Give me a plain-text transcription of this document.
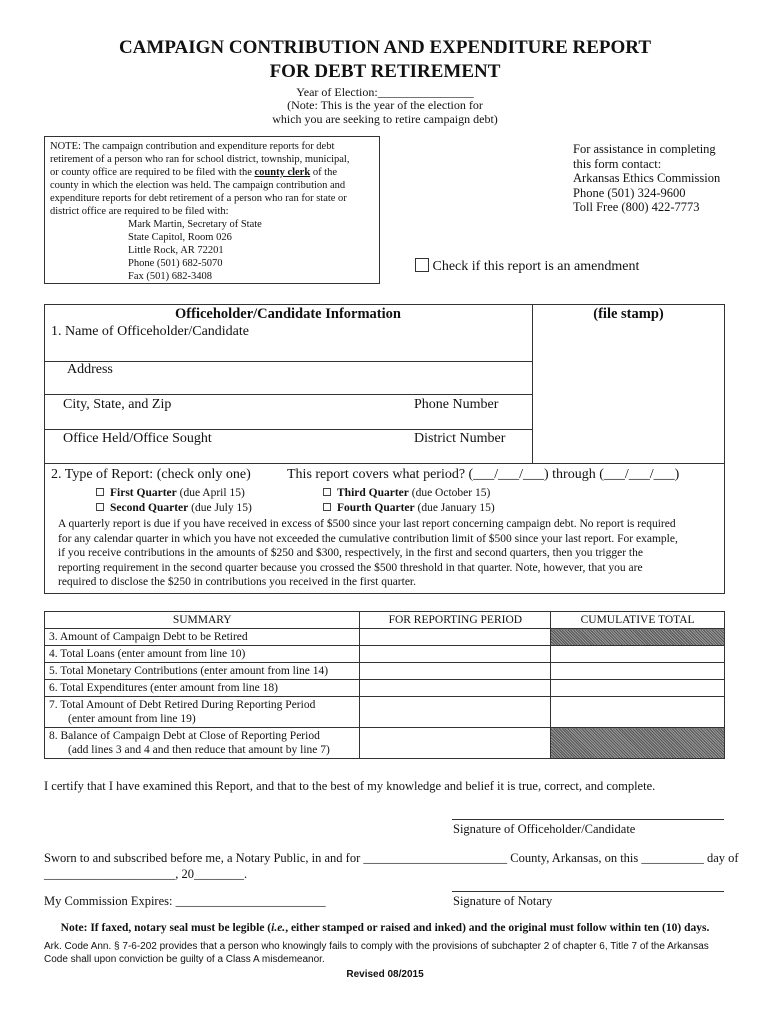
CAMPAIGN CONTRIBUTION AND EXPENDITURE REPORT
FOR DEBT RETIREMENT
Year of Election:________________
(Note: This is the year of the election for
which you are seeking to retire campaign debt)
NOTE: The campaign contribution and expenditure reports for debt
retirement of a person who ran for school district, township, municipal,
or county office are required to be filed with the county clerk of the
county in which the election was held. The campaign contribution and
expenditure reports for debt retirement of a person who ran for state or
district office are required to be filed with:
Mark Martin, Secretary of State
State Capitol, Room 026
Little Rock, AR 72201
Phone (501) 682-5070
Fax (501) 682-3408
For assistance in completing
this form contact:
Arkansas Ethics Commission
Phone (501) 324-9600
Toll Free (800) 422-7773
Check if this report is an amendment
Officeholder/Candidate Information	(file stamp)
1. Name of Officeholder/Candidate
Address
City, State, and Zip	Phone Number
Office Held/Office Sought	District Number
2. Type of Report: (check only one)	This report covers what period? (___/___/___) through (___/___/___)
First Quarter (due April 15)
Second Quarter (due July 15)
Third Quarter (due October 15)
Fourth Quarter (due January 15)
A quarterly report is due if you have received in excess of $500 since your last report concerning campaign debt. No report is required
for any calendar quarter in which you have not exceeded the cumulative contribution limit of $500 since your last report. For example,
if you receive contributions in the amounts of $250 and $300, respectively, in the first and second quarters, then you trigger the
reporting requirement in the second quarter because you crossed the $500 threshold in that quarter. Note, however, that you are
required to disclose the $250 in contributions you received in the first quarter.
SUMMARY	FOR REPORTING PERIOD	CUMULATIVE TOTAL
3. Amount of Campaign Debt to be Retired		
4. Total Loans (enter amount from line 10)		
5. Total Monetary Contributions (enter amount from line 14)		
6. Total Expenditures (enter amount from line 18)		

7. Total Amount of Debt Retired During Reporting Period
(enter amount from line 19)		

8. Balance of Campaign Debt at Close of Reporting Period
(add lines 3 and 4 and then reduce that amount by line 7)		

I certify that I have examined this Report, and that to the best of my knowledge and belief it is true, correct, and complete.
Signature of Officeholder/Candidate
Sworn to and subscribed before me, a Notary Public, in and for _______________________ County, Arkansas, on this __________ day of
_____________________, 20________.
My Commission Expires: ________________________	Signature of Notary
Note: If faxed, notary seal must be legible (i.e., either stamped or raised and inked) and the original must follow within ten (10) days.
Ark. Code Ann. § 7-6-202 provides that a person who knowingly fails to comply with the provisions of subchapter 2 of chapter 6, Title 7 of the Arkansas
Code shall upon conviction be guilty of a Class A misdemeanor.
Revised 08/2015
